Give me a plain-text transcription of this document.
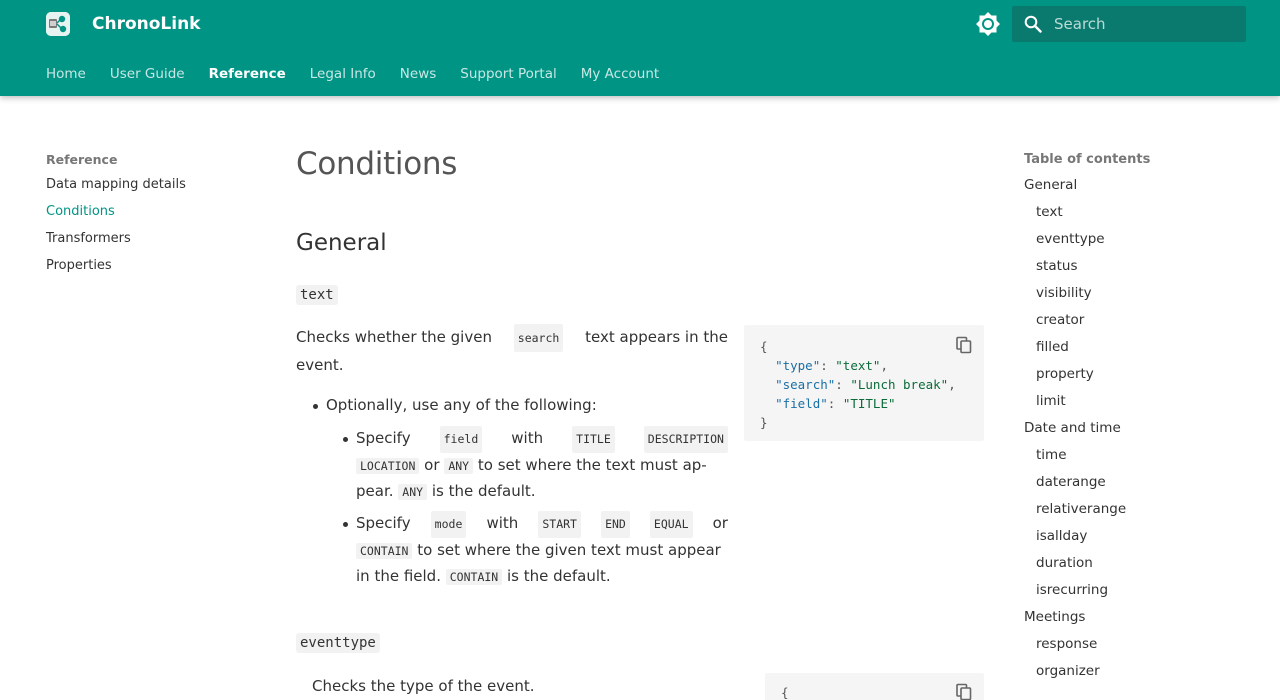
ChronoLink
Search
Home User Guide Reference Legal Info News Support Portal My Account
Reference
Data mapping details
Conditions
Transformers
Properties
Conditions
General
text
Checks whether the given	search text appears in the
event.
Optionally, use any of the following:
Specify	field with	TITLE	DESCRIPTION
LOCATION or ANY to set where the text must ap-
pear. ANY is the default.
Specify	mode with	START	END	EQUAL or
CONTAIN to set where the given text must appear
in the field. CONTAIN is the default.
{
"type": "text",
"search": "Lunch break",
"field": "TITLE"
}
eventtype
Checks the type of the event.	{
Table of contents
General
text
eventtype
status
visibility
creator
filled
property
limit
Date and time
time
daterange
relativerange
isallday
duration
isrecurring
Meetings
response
organizer
